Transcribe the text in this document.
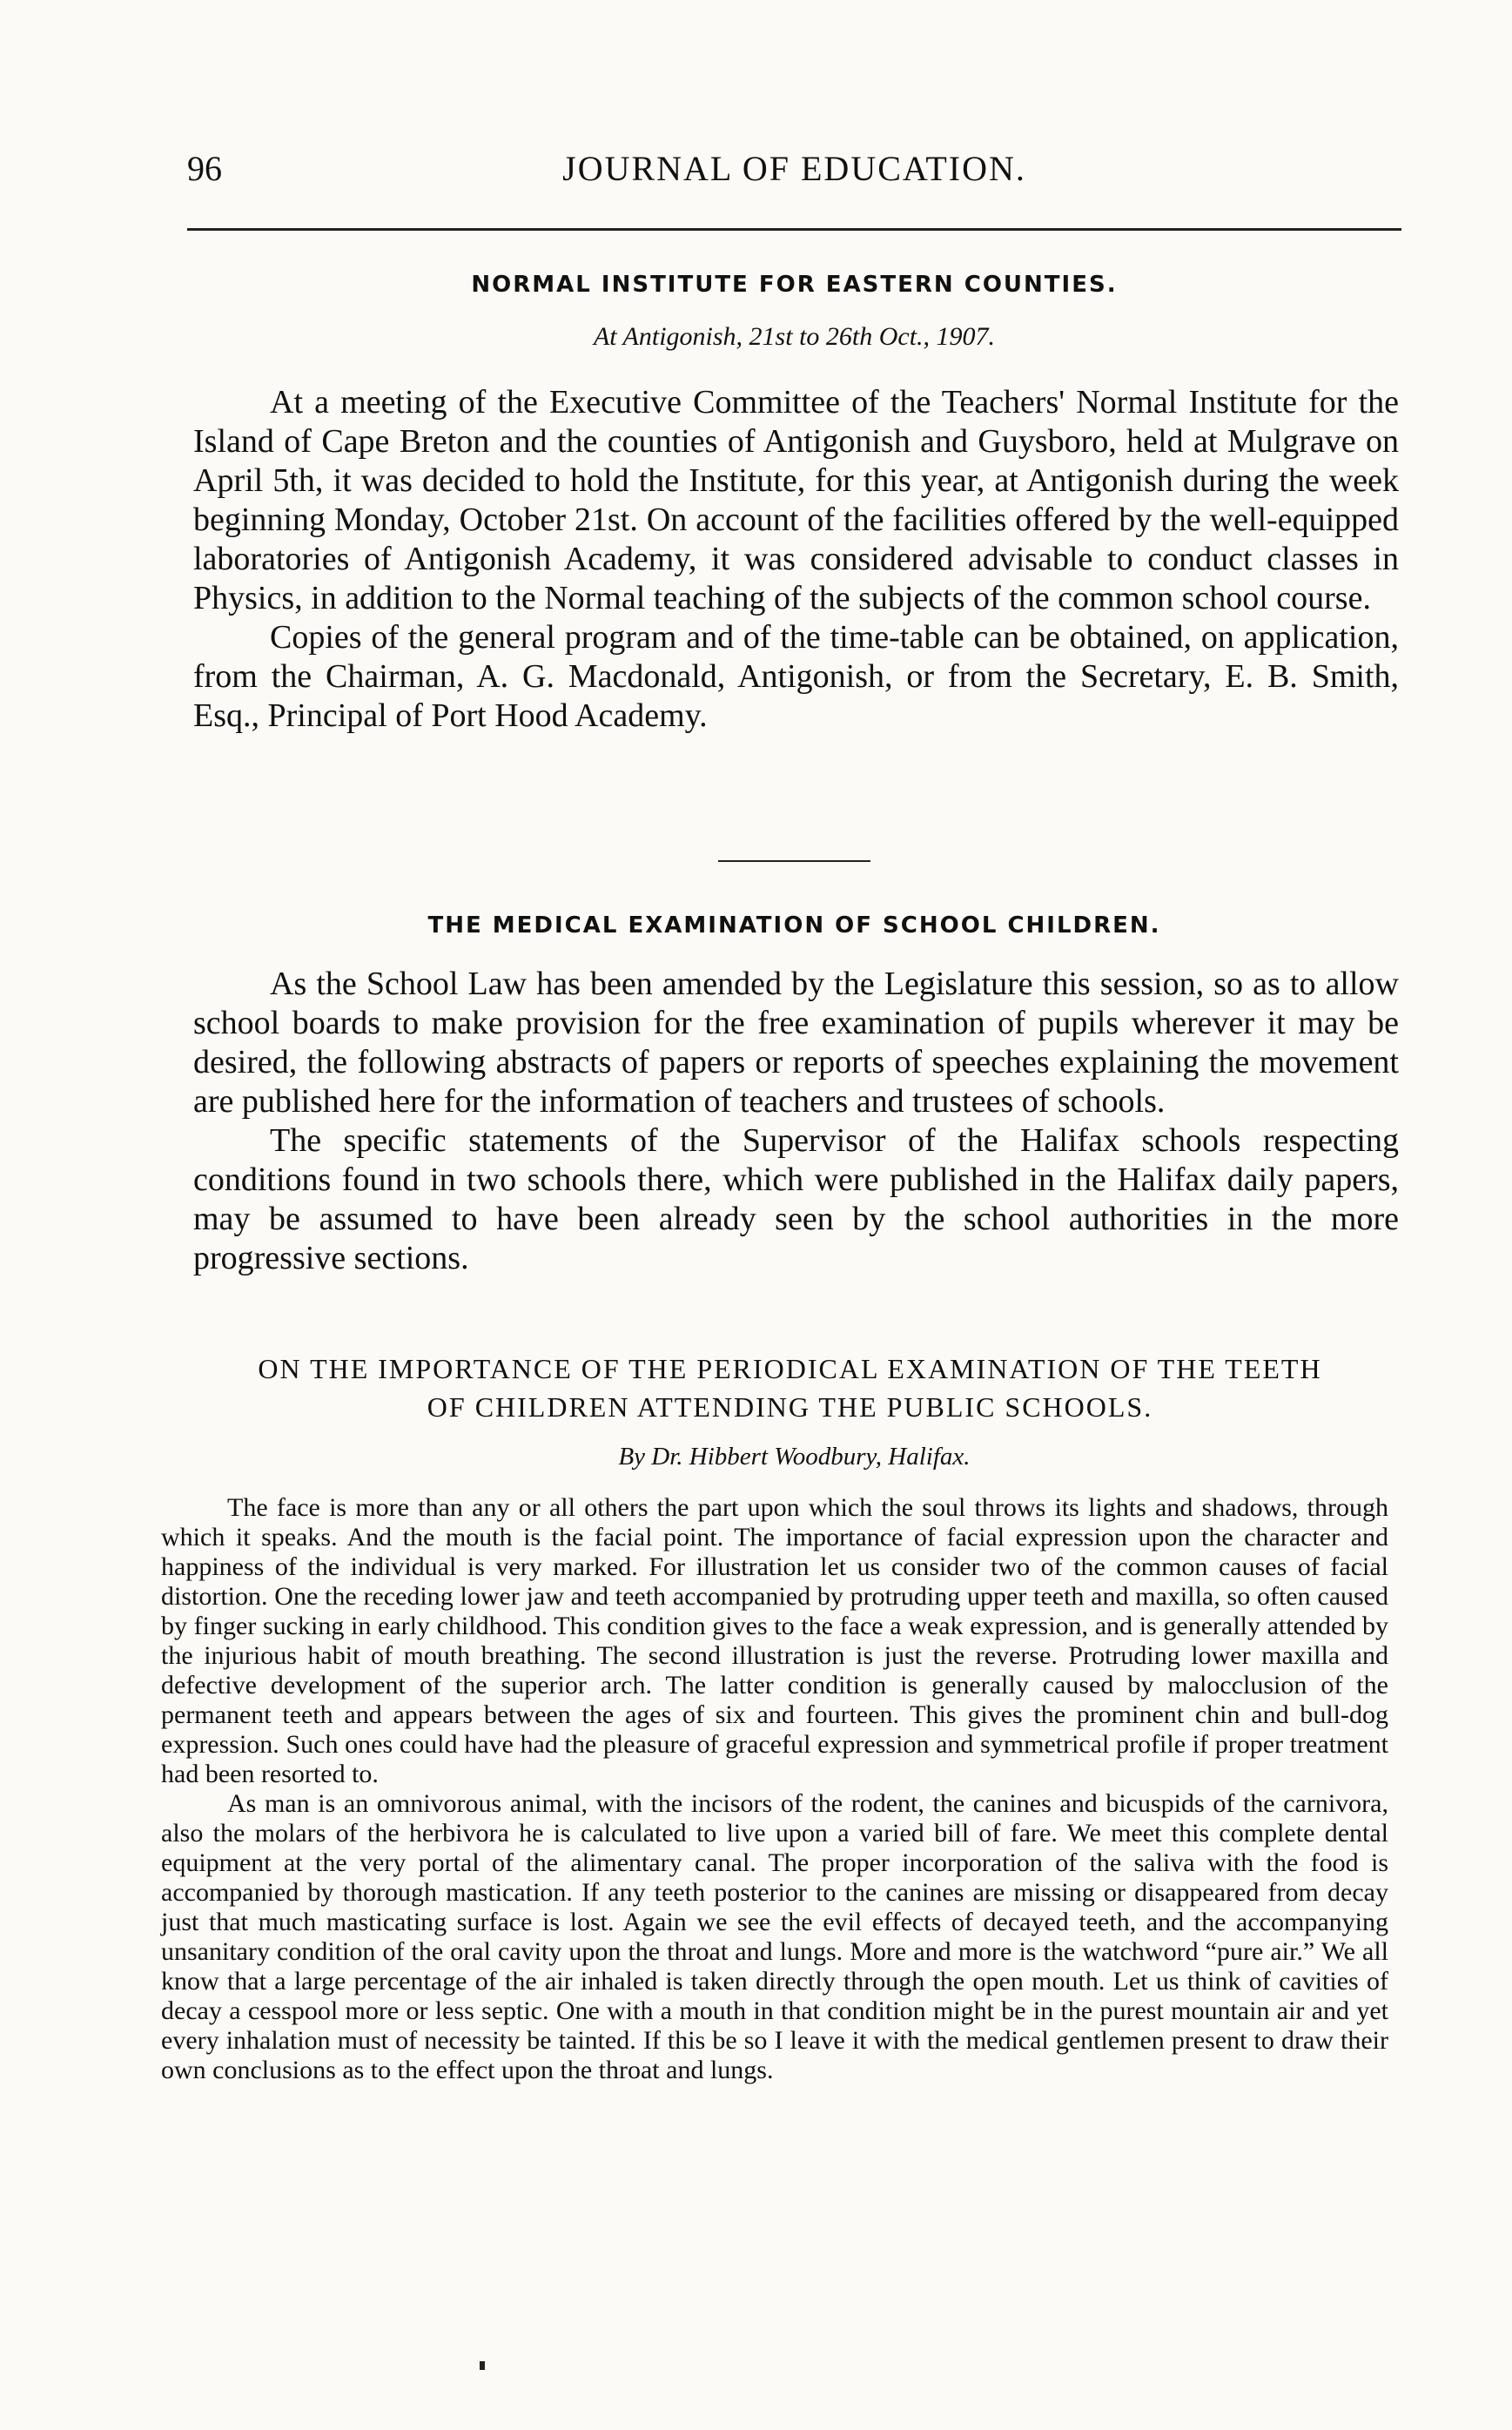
96	JOURNAL OF EDUCATION.
NORMAL INSTITUTE FOR EASTERN COUNTIES.
At Antigonish, 21st to 26th Oct., 1907.

At a meeting of the Executive Committee of the Teachers' Normal Institute for the Island of Cape Breton and the counties of Antigonish and Guysboro, held at Mulgrave on April 5th, it was decided to hold the Institute, for this year, at Antigonish during the week beginning Monday, October 21st. On account of the facilities offered by the well-equipped laboratories of Antigonish Academy, it was considered advisable to conduct classes in Physics, in addition to the Normal teaching of the subjects of the common school course.

Copies of the general program and of the time-table can be obtained, on application, from the Chairman, A. G. Macdonald, Antigonish, or from the Secretary, E. B. Smith, Esq., Principal of Port Hood Academy.

THE MEDICAL EXAMINATION OF SCHOOL CHILDREN.

As the School Law has been amended by the Legislature this session, so as to allow school boards to make provision for the free examination of pupils wherever it may be desired, the following abstracts of papers or reports of speeches explaining the movement are published here for the information of teachers and trustees of schools.

The specific statements of the Supervisor of the Halifax schools respecting conditions found in two schools there, which were published in the Halifax daily papers, may be assumed to have been already seen by the school authorities in the more progressive sections.

ON THE IMPORTANCE OF THE PERIODICAL EXAMINATION OF THE TEETH
OF CHILDREN ATTENDING THE PUBLIC SCHOOLS.
By Dr. Hibbert Woodbury, Halifax.

The face is more than any or all others the part upon which the soul throws its lights and shadows, through which it speaks. And the mouth is the facial point. The importance of facial expression upon the character and happiness of the individual is very marked. For illustration let us consider two of the common causes of facial distortion. One the receding lower jaw and teeth accompanied by protruding upper teeth and maxilla, so often caused by finger sucking in early childhood. This condition gives to the face a weak expression, and is generally attended by the injurious habit of mouth breathing. The second illustration is just the reverse. Protruding lower maxilla and defective development of the superior arch. The latter condition is generally caused by malocclusion of the permanent teeth and appears between the ages of six and fourteen. This gives the prominent chin and bull-dog expression. Such ones could have had the pleasure of graceful expression and symmetrical profile if proper treatment had been resorted to.

As man is an omnivorous animal, with the incisors of the rodent, the canines and bicuspids of the carnivora, also the molars of the herbivora he is calculated to live upon a varied bill of fare. We meet this complete dental equipment at the very portal of the alimentary canal. The proper incorporation of the saliva with the food is accompanied by thorough mastication. If any teeth posterior to the canines are missing or disappeared from decay just that much masticating surface is lost. Again we see the evil effects of decayed teeth, and the accompanying unsanitary condition of the oral cavity upon the throat and lungs. More and more is the watchword “pure air.” We all know that a large percentage of the air inhaled is taken directly through the open mouth. Let us think of cavities of decay a cesspool more or less septic. One with a mouth in that condition might be in the purest mountain air and yet every inhalation must of necessity be tainted. If this be so I leave it with the medical gentlemen present to draw their own conclusions as to the effect upon the throat and lungs.
